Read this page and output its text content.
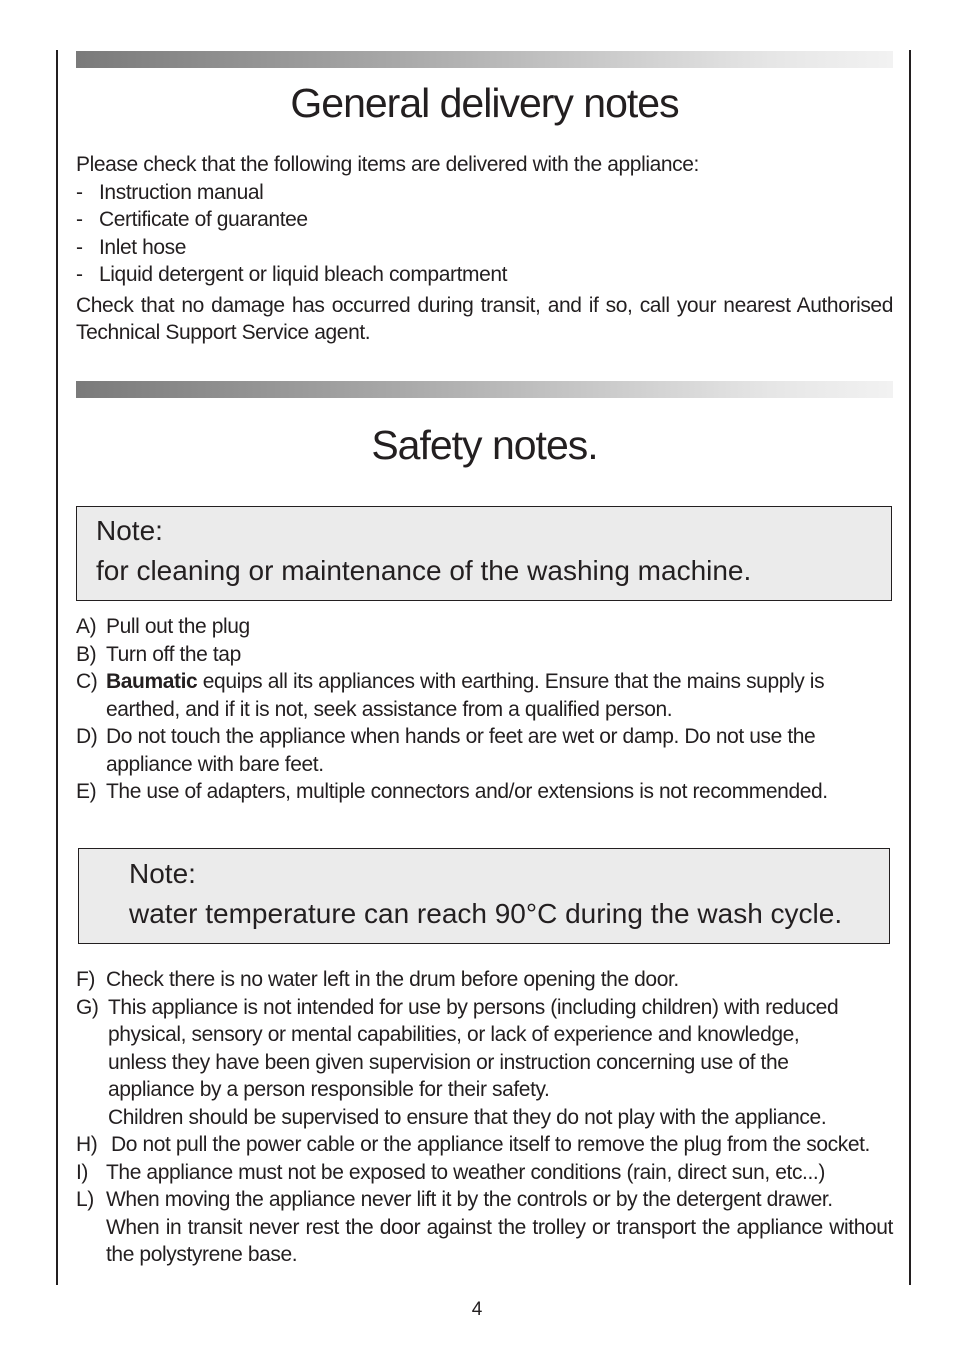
General delivery notes
Please check that the following items are delivered with the appliance:
- Instruction manual
- Certificate of guarantee
- Inlet hose
- Liquid detergent or liquid bleach compartment
Check that no damage has occurred during transit, and if so, call your nearest Authorised Technical Support Service agent.
Safety notes.
Note:
for cleaning or maintenance of the washing machine.
A) Pull out the plug
B) Turn off the tap
C) Baumatic equips all its appliances with earthing. Ensure that the mains supply is earthed, and if it is not, seek assistance from a qualified person.
D) Do not touch the appliance when hands or feet are wet or damp. Do not use the appliance with bare feet.
E) The use of adapters, multiple connectors and/or extensions is not recommended.
Note:
water temperature can reach 90°C during the wash cycle.
F) Check there is no water left in the drum before opening the door.
G) This appliance is not intended for use by persons (including children) with reduced physical, sensory or mental capabilities, or lack of experience and knowledge, unless they have been given supervision or instruction concerning use of the appliance by a person responsible for their safety.
Children should be supervised to ensure that they do not play with the appliance.
H) Do not pull the power cable or the appliance itself to remove the plug from the socket.
I) The appliance must not be exposed to weather conditions (rain, direct sun, etc...)
L) When moving the appliance never lift it by the controls or by the detergent drawer.
When in transit never rest the door against the trolley or transport the appliance without the polystyrene base.
4
